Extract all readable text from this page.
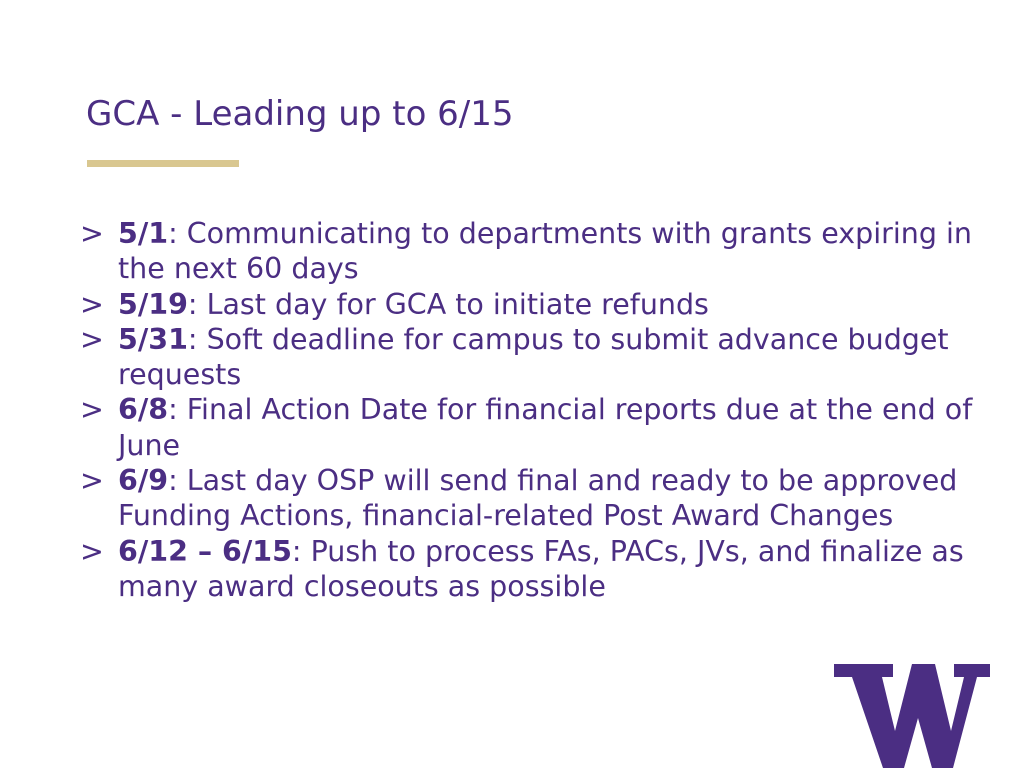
GCA - Leading up to 6/15
> 5/1: Communicating to departments with grants expiring in the next 60 days
> 5/19: Last day for GCA to initiate refunds
> 5/31: Soft deadline for campus to submit advance budget requests
> 6/8: Final Action Date for financial reports due at the end of June
> 6/9: Last day OSP will send final and ready to be approved Funding Actions, financial-related Post Award Changes
> 6/12 – 6/15: Push to process FAs, PACs, JVs, and finalize as many award closeouts as possible
